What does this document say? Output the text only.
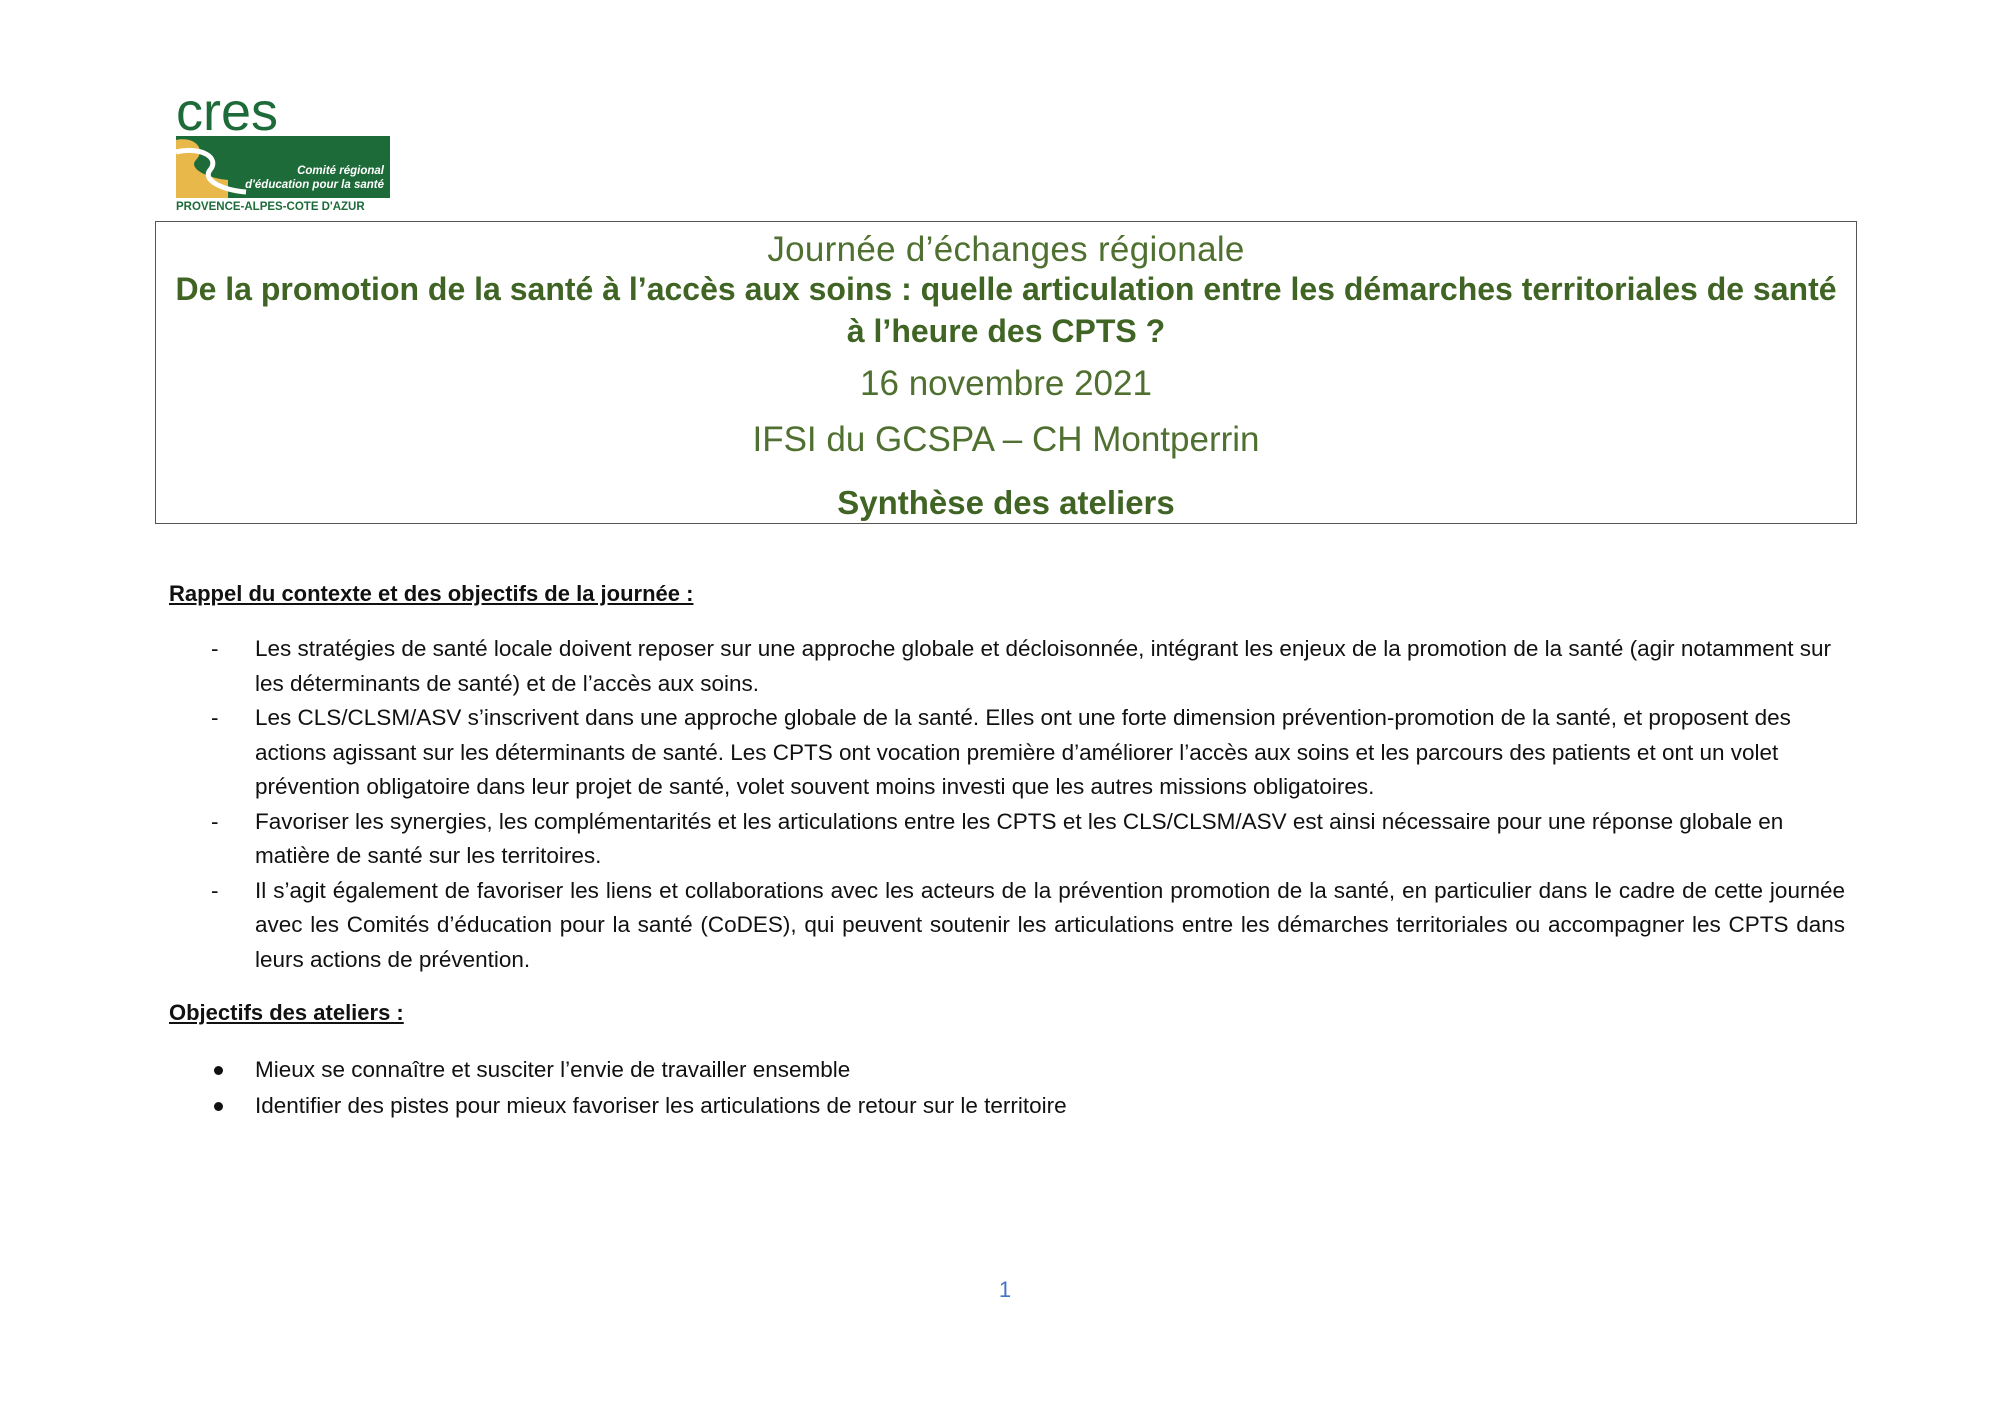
cres
Comité régional
d'éducation pour la santé
PROVENCE-ALPES-COTE D'AZUR
Journée d’échanges régionale
De la promotion de la santé à l’accès aux soins : quelle articulation entre les démarches territoriales de santé à l’heure des CPTS ?
16 novembre 2021
IFSI du GCSPA – CH Montperrin
Synthèse des ateliers
Rappel du contexte et des objectifs de la journée :
- Les stratégies de santé locale doivent reposer sur une approche globale et décloisonnée, intégrant les enjeux de la promotion de la santé (agir notamment sur les déterminants de santé) et de l’accès aux soins.
- Les CLS/CLSM/ASV s’inscrivent dans une approche globale de la santé. Elles ont une forte dimension prévention-promotion de la santé, et proposent des actions agissant sur les déterminants de santé. Les CPTS ont vocation première d’améliorer l’accès aux soins et les parcours des patients et ont un volet prévention obligatoire dans leur projet de santé, volet souvent moins investi que les autres missions obligatoires.
- Favoriser les synergies, les complémentarités et les articulations entre les CPTS et les CLS/CLSM/ASV est ainsi nécessaire pour une réponse globale en matière de santé sur les territoires.
- Il s’agit également de favoriser les liens et collaborations avec les acteurs de la prévention promotion de la santé, en particulier dans le cadre de cette journée avec les Comités d’éducation pour la santé (CoDES), qui peuvent soutenir les articulations entre les démarches territoriales ou accompagner les CPTS dans leurs actions de prévention.
Objectifs des ateliers :
Mieux se connaître et susciter l’envie de travailler ensemble
Identifier des pistes pour mieux favoriser les articulations de retour sur le territoire
1
